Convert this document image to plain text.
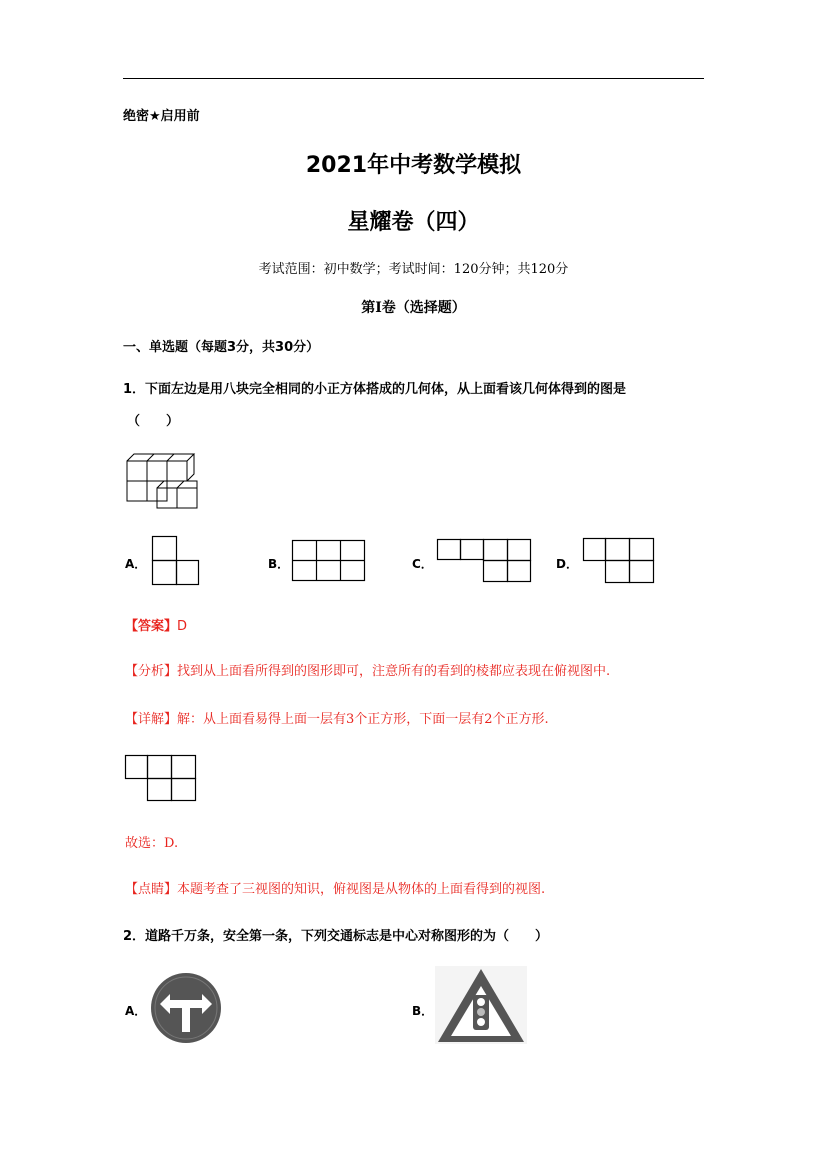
绝密★启用前
2021年中考数学模拟
星耀卷（四）
考试范围：初中数学；考试时间：120分钟；共120分
第I卷（选择题）
一、单选题（每题3分，共30分）
1．下面左边是用八块完全相同的小正方体搭成的几何体，从上面看该几何体得到的图是
（　　）
A．	B．	C．	D．
【答案】D
【分析】找到从上面看所得到的图形即可，注意所有的看到的棱都应表现在俯视图中.
【详解】解：从上面看易得上面一层有3个正方形，下面一层有2个正方形.
故选：D.
【点睛】本题考查了三视图的知识，俯视图是从物体的上面看得到的视图.
2．道路千万条，安全第一条，下列交通标志是中心对称图形的为（　　）
A．	B．
